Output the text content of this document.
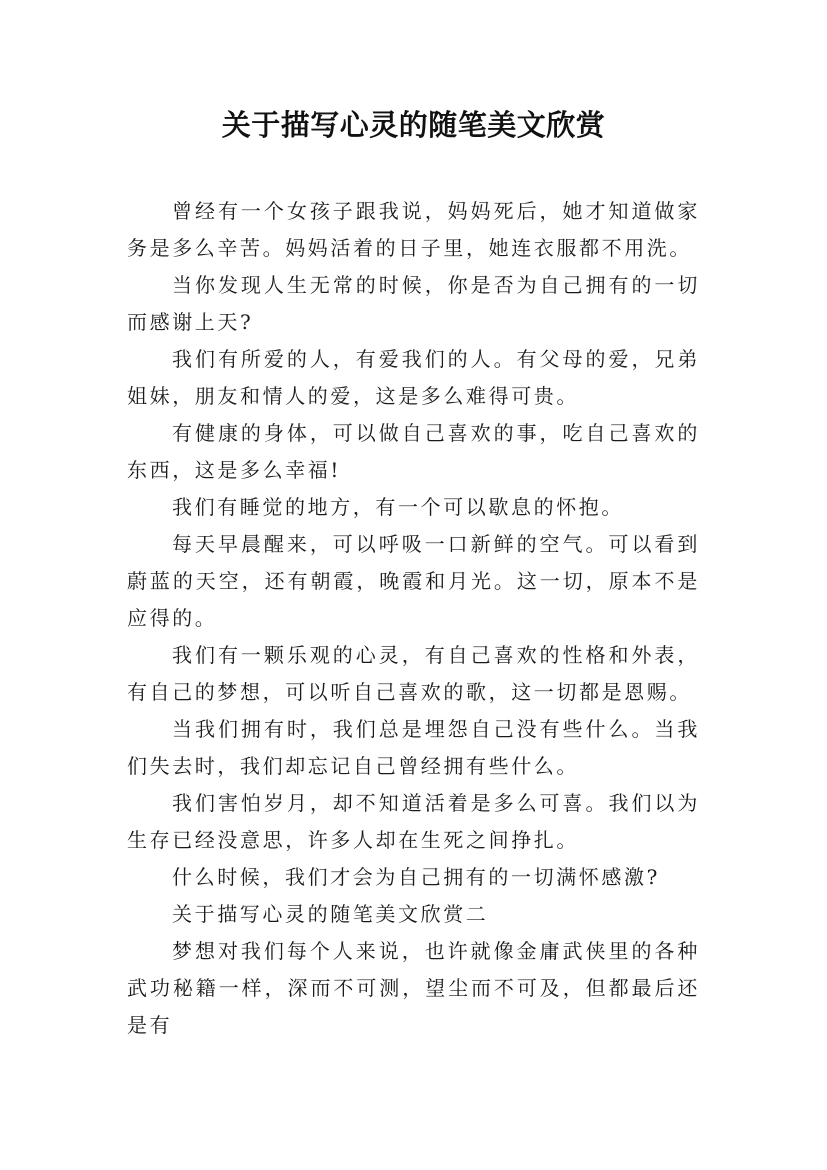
关于描写心灵的随笔美文欣赏

曾经有一个女孩子跟我说，妈妈死后，她才知道做家务是多么辛苦。妈妈活着的日子里，她连衣服都不用洗。

当你发现人生无常的时候，你是否为自己拥有的一切而感谢上天?

我们有所爱的人，有爱我们的人。有父母的爱，兄弟姐妹，朋友和情人的爱，这是多么难得可贵。

有健康的身体，可以做自己喜欢的事，吃自己喜欢的东西，这是多么幸福!

我们有睡觉的地方，有一个可以歇息的怀抱。

每天早晨醒来，可以呼吸一口新鲜的空气。可以看到蔚蓝的天空，还有朝霞，晚霞和月光。这一切，原本不是应得的。

我们有一颗乐观的心灵，有自己喜欢的性格和外表，有自己的梦想，可以听自己喜欢的歌，这一切都是恩赐。

当我们拥有时，我们总是埋怨自己没有些什么。当我们失去时，我们却忘记自己曾经拥有些什么。

我们害怕岁月，却不知道活着是多么可喜。我们以为生存已经没意思，许多人却在生死之间挣扎。

什么时候，我们才会为自己拥有的一切满怀感激?

关于描写心灵的随笔美文欣赏二

梦想对我们每个人来说，也许就像金庸武侠里的各种武功秘籍一样，深而不可测，望尘而不可及，但都最后还是有
